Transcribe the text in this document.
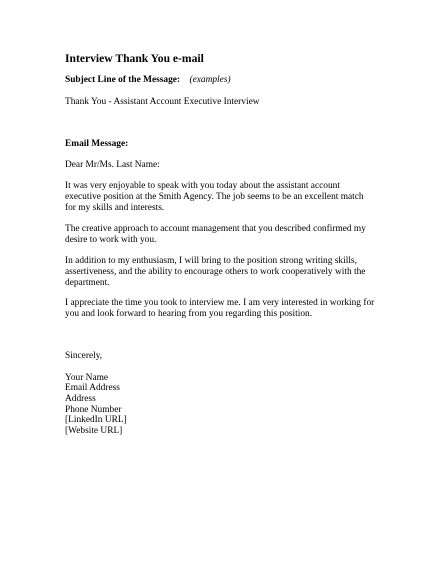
Interview Thank You e-mail
Subject Line of the Message: (examples)
Thank You - Assistant Account Executive Interview
Email Message:
Dear Mr/Ms. Last Name:
It was very enjoyable to speak with you today about the assistant account
executive position at the Smith Agency. The job seems to be an excellent match
for my skills and interests.
The creative approach to account management that you described confirmed my
desire to work with you.
In addition to my enthusiasm, I will bring to the position strong writing skills,
assertiveness, and the ability to encourage others to work cooperatively with the
department.
I appreciate the time you took to interview me. I am very interested in working for
you and look forward to hearing from you regarding this position.
Sincerely,
Your Name
Email Address
Address
Phone Number
[LinkedIn URL]
[Website URL]
